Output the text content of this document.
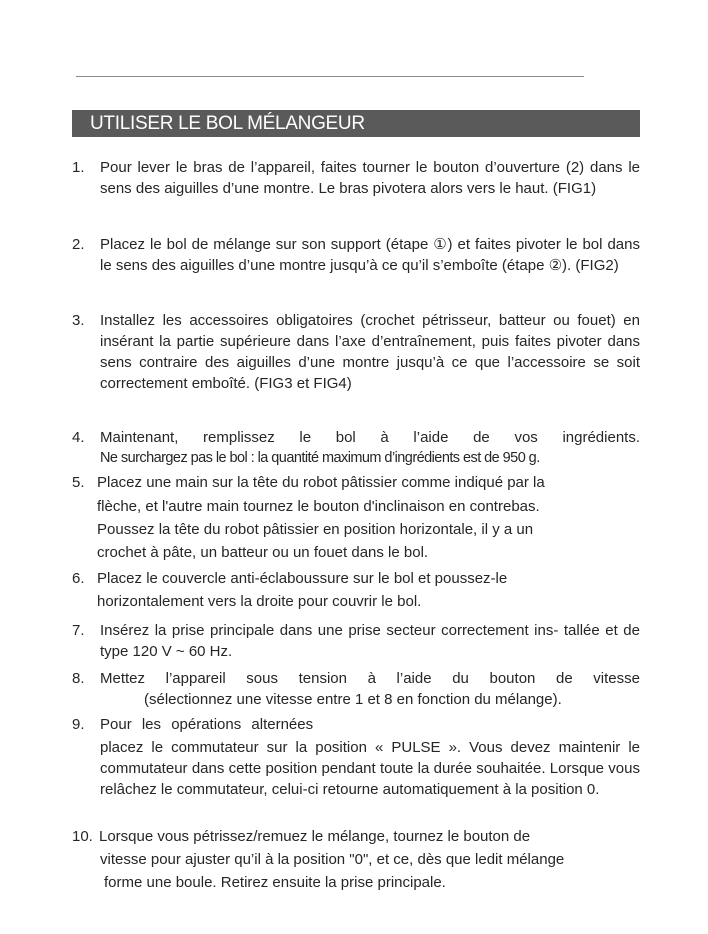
UTILISER LE BOL MÉLANGEUR
1. Pour lever le bras de l’appareil, faites tourner le bouton d’ouverture (2) dans le sens des aiguilles d’une montre. Le bras pivotera alors vers le haut. (FIG1)
2. Placez le bol de mélange sur son support (étape ①) et faites pivoter le bol dans le sens des aiguilles d’une montre jusqu’à ce qu’il s’emboîte (étape ②). (FIG2)
3. Installez les accessoires obligatoires (crochet pétrisseur, batteur ou fouet) en insérant la partie supérieure dans l’axe d’entraînement, puis faites pivoter dans sens contraire des aiguilles d’une montre jusqu’à ce que l’accessoire se soit correctement emboîté. (FIG3 et FIG4)
4. Maintenant, remplissez le bol à l’aide de vos ingrédients.
Ne surchargez pas le bol : la quantité maximum d’ingrédients est de 950 g.
5. Placez une main sur la tête du robot pâtissier comme indiqué par la
flèche, et l'autre main tournez le bouton d'inclinaison en contrebas.
Poussez la tête du robot pâtissier en position horizontale, il y a un
crochet à pâte, un batteur ou un fouet dans le bol.
6. Placez le couvercle anti-éclaboussure sur le bol et poussez-le
horizontalement vers la droite pour couvrir le bol.
7. Insérez la prise principale dans une prise secteur correctement ins- tallée et de type 120 V ~ 60 Hz.
8. Mettez l’appareil sous tension à l’aide du bouton de vitesse
(sélectionnez une vitesse entre 1 et 8 en fonction du mélange).
9. Pour les opérations alternées
placez le commutateur sur la position « PULSE ». Vous devez maintenir le commutateur dans cette position pendant toute la durée souhaitée. Lorsque vous relâchez le commutateur, celui-ci retourne automatiquement à la position 0.
10. Lorsque vous pétrissez/remuez le mélange, tournez le bouton de
vitesse pour ajuster qu’il à la position "0", et ce, dès que ledit mélange
forme une boule. Retirez ensuite la prise principale.
